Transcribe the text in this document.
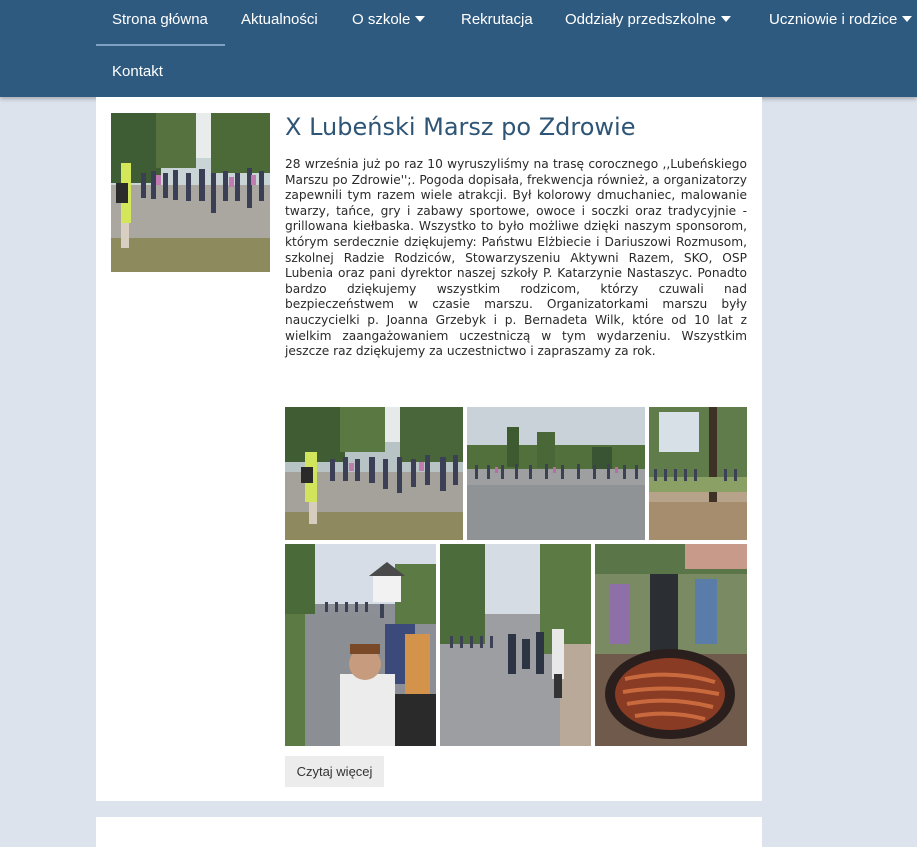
Strona główna Aktualności O szkole	Rekrutacja Oddziały przedszkolne	Uczniowie i rodzice
Kontakt
X Lubeński Marsz po Zdrowie

28 września już po raz 10 wyruszyliśmy na trasę corocznego ,,Lubeńskiego Marszu po Zdrowie'';. Pogoda dopisała, frekwencja również, a organizatorzy zapewnili tym razem wiele atrakcji. Był kolorowy dmuchaniec, malowanie twarzy, tańce, gry i zabawy sportowe, owoce i soczki oraz tradycyjnie - grillowana kiełbaska. Wszystko to było możliwe dzięki naszym sponsorom, którym serdecznie dziękujemy: Państwu Elżbiecie i Dariuszowi Rozmusom, szkolnej Radzie Rodziców, Stowarzyszeniu Aktywni Razem, SKO, OSP Lubenia oraz pani dyrektor naszej szkoły P. Katarzynie Nastaszyc. Ponadto bardzo dziękujemy wszystkim rodzicom, którzy czuwali nad bezpieczeństwem w czasie marszu. Organizatorkami marszu były nauczycielki p. Joanna Grzebyk i p. Bernadeta Wilk, które od 10 lat z wielkim zaangażowaniem uczestniczą w tym wydarzeniu. Wszystkim jeszcze raz dziękujemy za uczestnictwo i zapraszamy za rok.

Czytaj więcej
